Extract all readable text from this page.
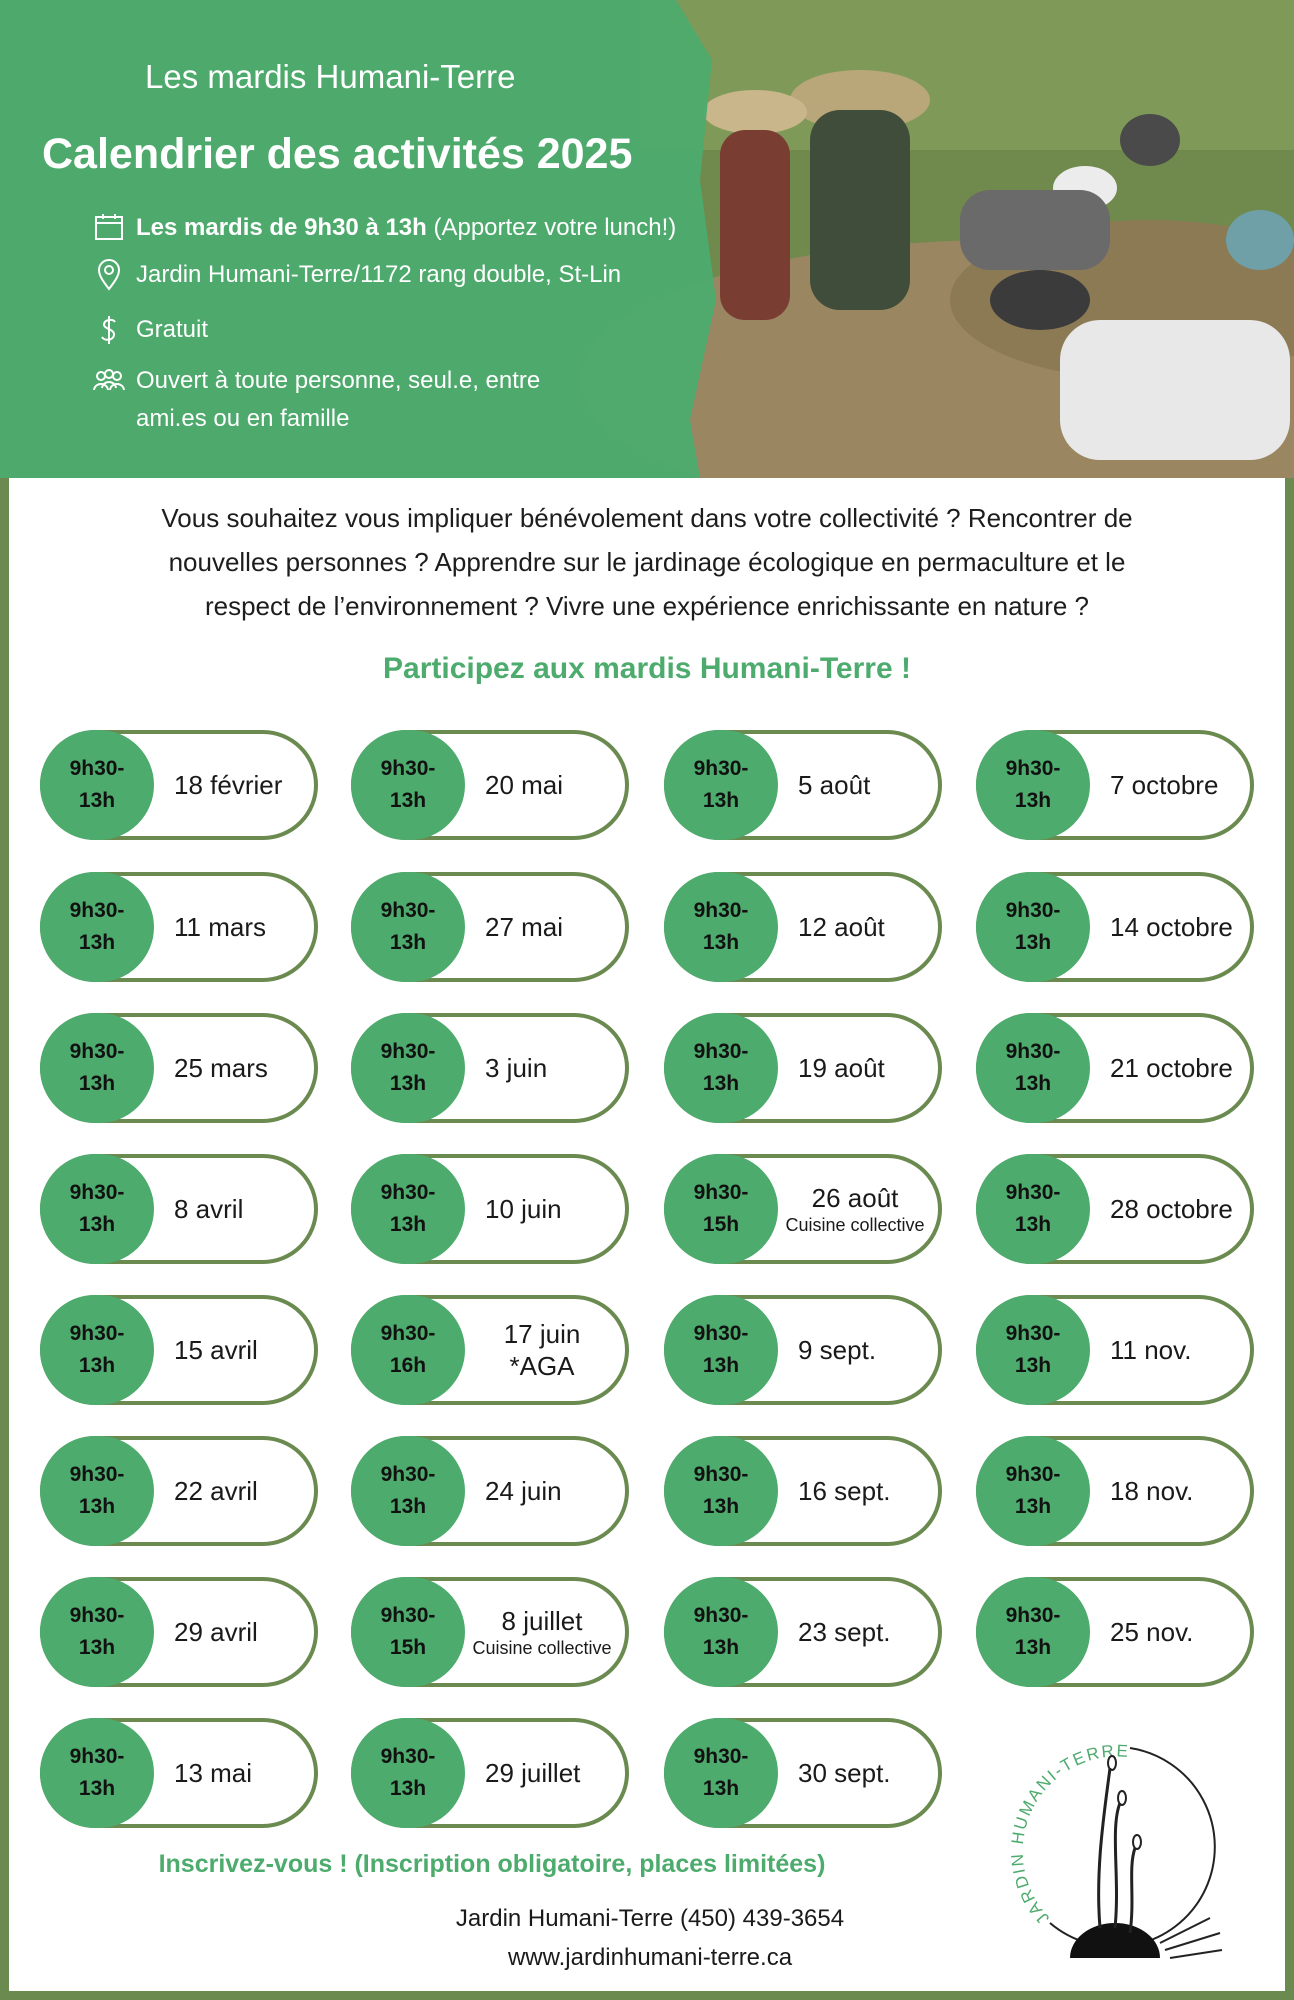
Les mardis Humani-Terre
Calendrier des activités 2025
Les mardis de 9h30 à 13h (Apportez votre lunch!)
Jardin Humani-Terre/1172 rang double, St-Lin
Gratuit
Ouvert à toute personne, seul.e, entre
ami.es ou en famille
Vous souhaitez vous impliquer bénévolement dans votre collectivité ? Rencontrer de
nouvelles personnes ? Apprendre sur le jardinage écologique en permaculture et le
respect de l’environnement ? Vivre une expérience enrichissante en nature ?
Participez aux mardis Humani-Terre !
9h30-
13h
18 février
9h30-
13h
20 mai
9h30-
13h
5 août
9h30-
13h
7 octobre
9h30-
13h
11 mars
9h30-
13h
27 mai
9h30-
13h
12 août
9h30-
13h
14 octobre
9h30-
13h
25 mars
9h30-
13h
3 juin
9h30-
13h
19 août
9h30-
13h
21 octobre
9h30-
13h
8 avril
9h30-
13h
10 juin
9h30-
15h
26 août
Cuisine collective
9h30-
13h
28 octobre
9h30-
13h
15 avril
9h30-
16h
17 juin
*AGA
9h30-
13h
9 sept.
9h30-
13h
11 nov.
9h30-
13h
22 avril
9h30-
13h
24 juin
9h30-
13h
16 sept.
9h30-
13h
18 nov.
9h30-
13h
29 avril
9h30-
15h
8 juillet
Cuisine collective
9h30-
13h
23 sept.
9h30-
13h
25 nov.
9h30-
13h
13 mai
9h30-
13h
29 juillet
9h30-
13h
30 sept.
Inscrivez-vous ! (Inscription obligatoire, places limitées)
Jardin Humani-Terre (450) 439-3654
www.jardinhumani-terre.ca
JARDI UMANI-TERRE
